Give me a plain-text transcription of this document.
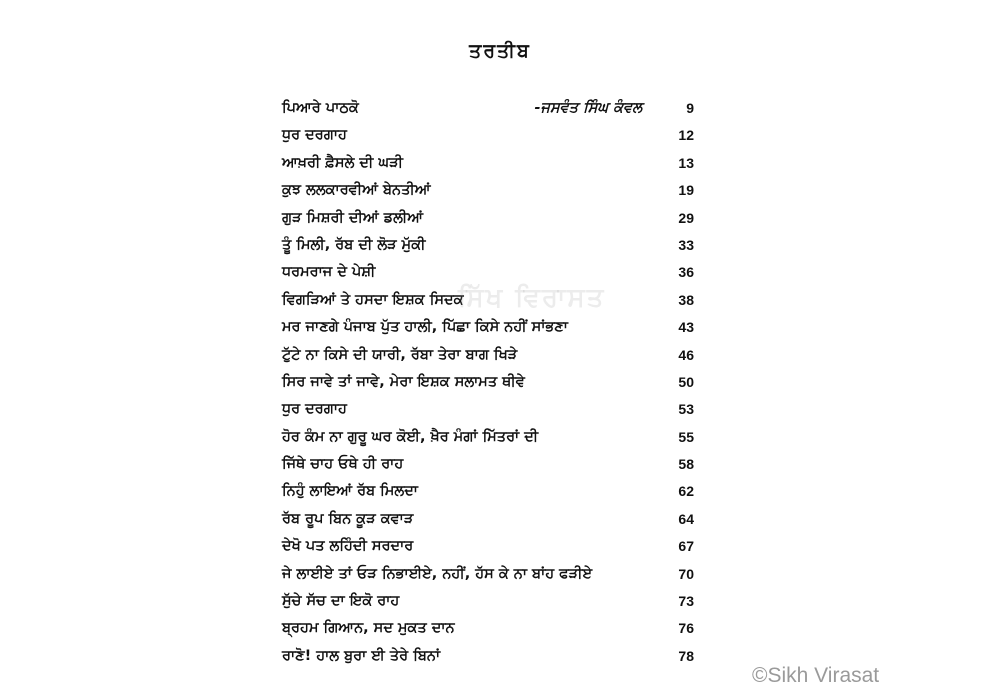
ਤਰਤੀਬ
ਪਿਆਰੇ ਪਾਠਕੋ	-ਜਸਵੰਤ ਸਿੰਘ ਕੰਵਲ	9
ਧੁਰ ਦਰਗਾਹ	12
ਆਖ਼ਰੀ ਫ਼ੈਸਲੇ ਦੀ ਘੜੀ	13
ਕੁਝ ਲਲਕਾਰਵੀਆਂ ਬੇਨਤੀਆਂ	19
ਗੁੜ ਮਿਸ਼ਰੀ ਦੀਆਂ ਡਲੀਆਂ	29
ਤੂੰ ਮਿਲੀ, ਰੱਬ ਦੀ ਲੋੜ ਮੁੱਕੀ	33
ਧਰਮਰਾਜ ਦੇ ਪੇਸ਼ੀ	36
ਵਿਗੜਿਆਂ ਤੇ ਹਸਦਾ ਇਸ਼ਕ ਸਿਦਕ	38
ਮਰ ਜਾਣਗੇ ਪੰਜਾਬ ਪੁੱਤ ਹਾਲੀ, ਪਿੱਛਾ ਕਿਸੇ ਨਹੀਂ ਸਾਂਭਣਾ	43
ਟੁੱਟੇ ਨਾ ਕਿਸੇ ਦੀ ਯਾਰੀ, ਰੱਬਾ ਤੇਰਾ ਬਾਗ ਖਿੜੇ	46
ਸਿਰ ਜਾਵੇ ਤਾਂ ਜਾਵੇ, ਮੇਰਾ ਇਸ਼ਕ ਸਲਾਮਤ ਥੀਵੇ	50
ਧੁਰ ਦਰਗਾਹ	53
ਹੋਰ ਕੰਮ ਨਾ ਗੁਰੂ ਘਰ ਕੋਈ, ਖ਼ੈਰ ਮੰਗਾਂ ਮਿੱਤਰਾਂ ਦੀ	55
ਜਿੱਥੇ ਚਾਹ ਓਥੇ ਹੀ ਰਾਹ	58
ਨਿਹੁੰ ਲਾਇਆਂ ਰੱਬ ਮਿਲਦਾ	62
ਰੱਬ ਰੂਪ ਬਿਨ ਕੂੜ ਕਵਾੜ	64
ਦੇਖੋ ਪਤ ਲਹਿੰਦੀ ਸਰਦਾਰ	67
ਜੇ ਲਾਈਏ ਤਾਂ ਓੜ ਨਿਭਾਈਏ, ਨਹੀਂ, ਹੱਸ ਕੇ ਨਾ ਬਾਂਹ ਫੜੀਏ	70
ਸੁੱਚੇ ਸੱਚ ਦਾ ਇਕੋ ਰਾਹ	73
ਬ੍ਰਹਮ ਗਿਆਨ, ਸਦ ਮੁਕਤ ਦਾਨ	76
ਰਾਣੋ! ਹਾਲ ਬੁਰਾ ਈ ਤੇਰੇ ਬਿਨਾਂ	78
ਸਿੱਖ ਵਿਰਾਸਤ
©Sikh Virasat
